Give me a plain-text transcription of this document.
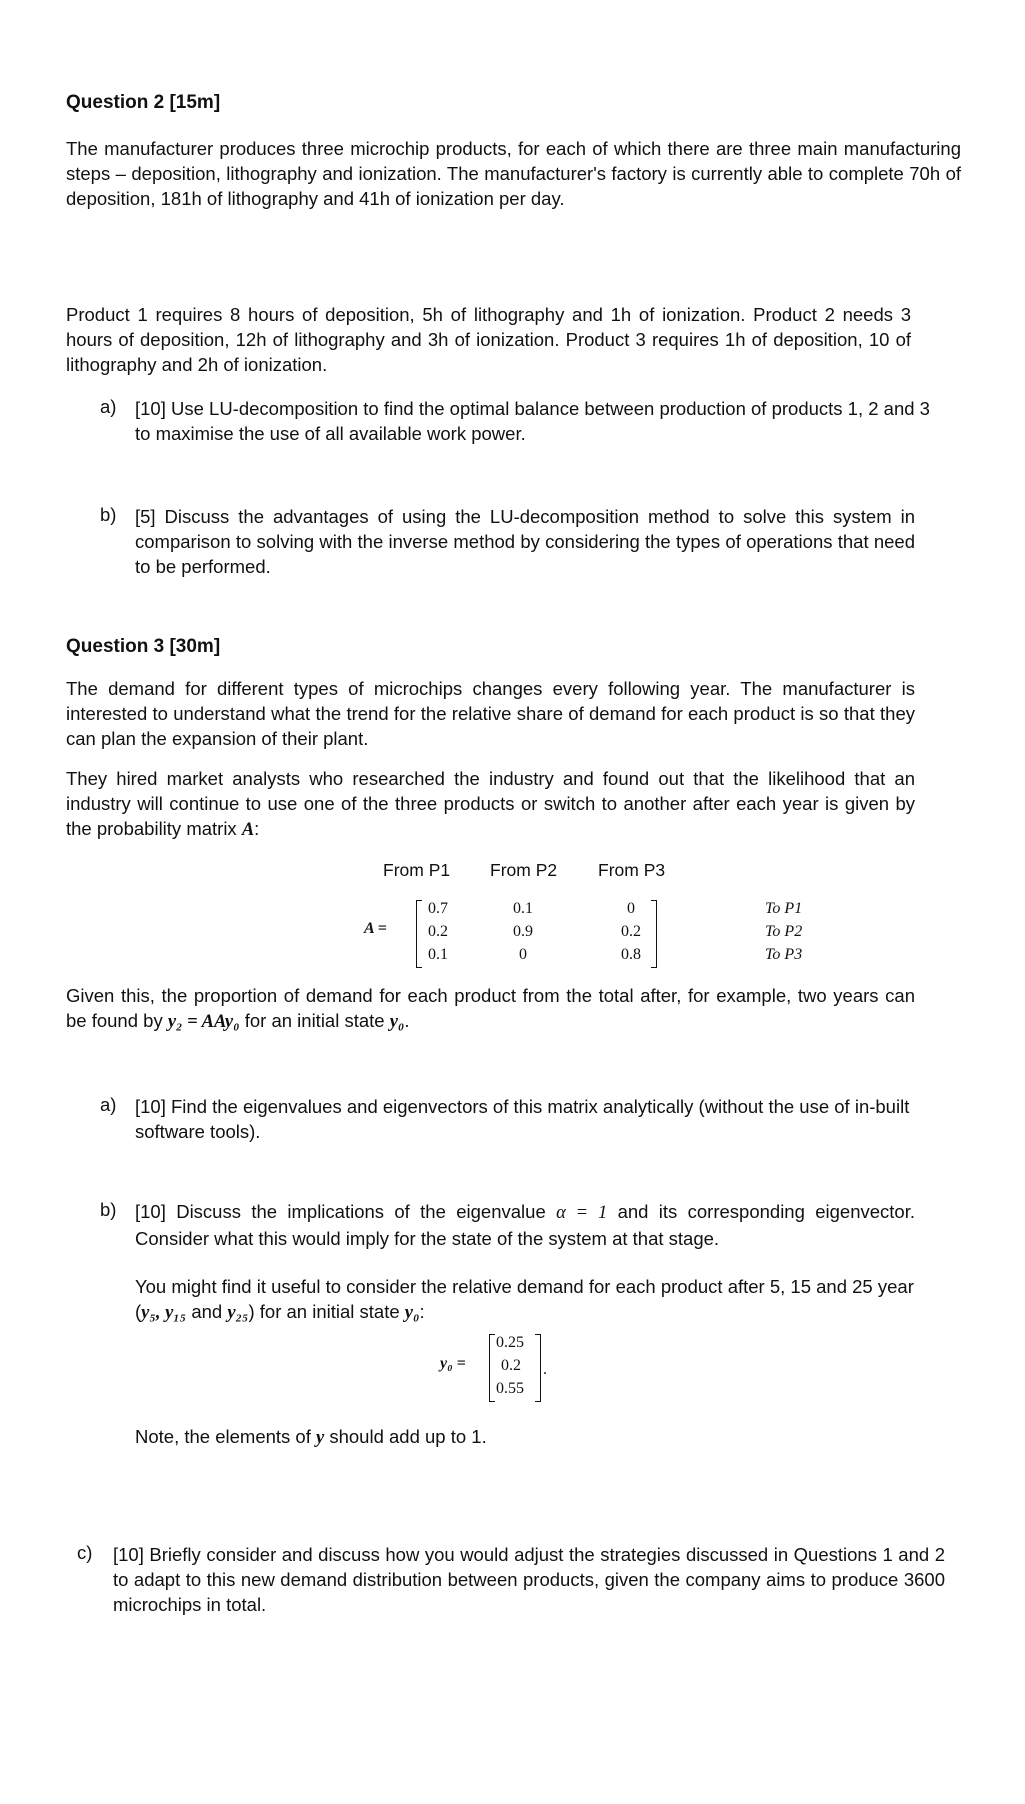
Question 2 [15m]
The manufacturer produces three microchip products, for each of which there are three main manufacturing steps – deposition, lithography and ionization. The manufacturer's factory is currently able to complete 70h of deposition, 181h of lithography and 41h of ionization per day.
Product 1 requires 8 hours of deposition, 5h of lithography and 1h of ionization. Product 2 needs 3 hours of deposition, 12h of lithography and 3h of ionization. Product 3 requires 1h of deposition, 10 of lithography and 2h of ionization.
a) [10] Use LU-decomposition to find the optimal balance between production of products 1, 2 and 3 to maximise the use of all available work power.
b) [5] Discuss the advantages of using the LU-decomposition method to solve this system in comparison to solving with the inverse method by considering the types of operations that need to be performed.
Question 3 [30m]
The demand for different types of microchips changes every following year. The manufacturer is interested to understand what the trend for the relative share of demand for each product is so that they can plan the expansion of their plant.
They hired market analysts who researched the industry and found out that the likelihood that an industry will continue to use one of the three products or switch to another after each year is given by the probability matrix A:
From P1 From P2 From P3
A =
0.7	0.1	0
0.2	0.9	0.2
0.1	0	0.8
To P1
To P2
To P3
Given this, the proportion of demand for each product from the total after, for example, two years can be found by y₂ = AAy₀ for an initial state y₀.
a) [10] Find the eigenvalues and eigenvectors of this matrix analytically (without the use of in-built software tools).
b) [10] Discuss the implications of the eigenvalue α = 1 and its corresponding eigenvector. Consider what this would imply for the state of the system at that stage.
You might find it useful to consider the relative demand for each product after 5, 15 and 25 year (y₅, y₁₅ and y₂₅) for an initial state y₀:
y₀ =
0.25
0.2
0.55
.
Note, the elements of y should add up to 1.
c) [10] Briefly consider and discuss how you would adjust the strategies discussed in Questions 1 and 2 to adapt to this new demand distribution between products, given the company aims to produce 3600 microchips in total.
